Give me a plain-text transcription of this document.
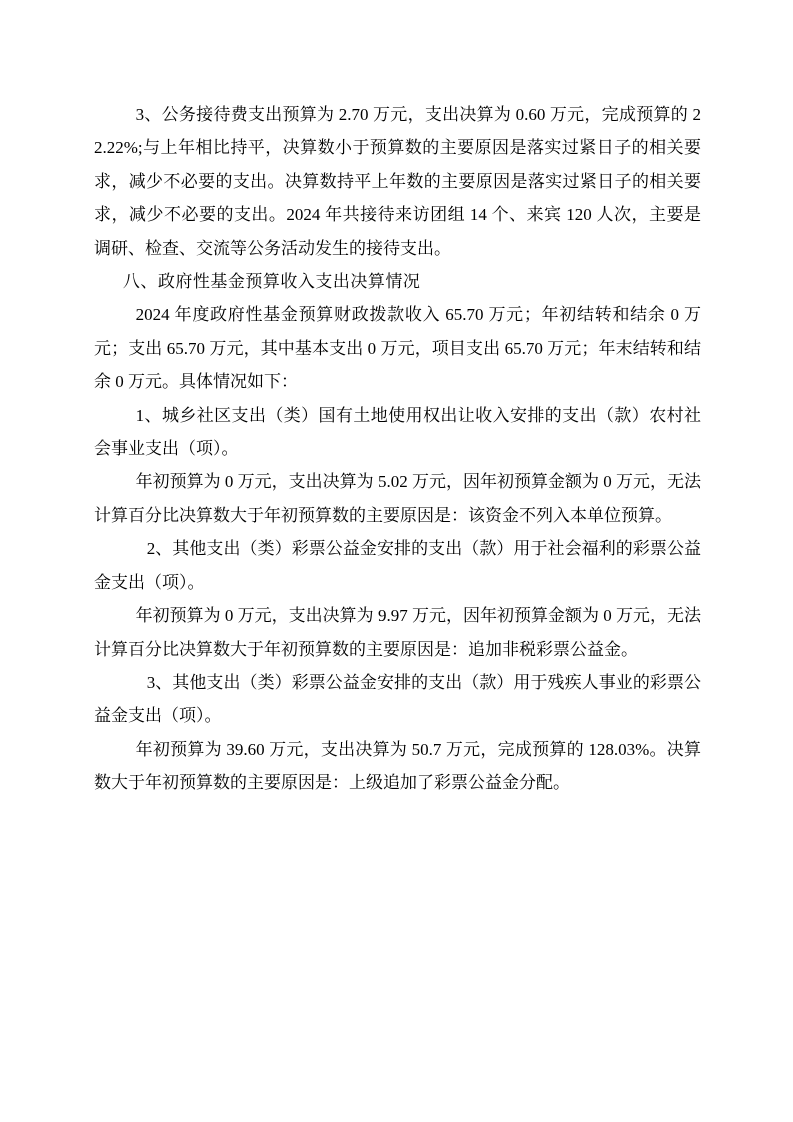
3、公务接待费支出预算为 2.70 万元，支出决算为 0.60 万元，完成预算的 22.22%;与上年相比持平，决算数小于预算数的主要原因是落实过紧日子的相关要求，减少不必要的支出。决算数持平上年数的主要原因是落实过紧日子的相关要求，减少不必要的支出。2024 年共接待来访团组 14 个、来宾 120 人次，主要是调研、检查、交流等公务活动发生的接待支出。

八、政府性基金预算收入支出决算情况

2024 年度政府性基金预算财政拨款收入 65.70 万元；年初结转和结余 0 万元；支出 65.70 万元，其中基本支出 0 万元，项目支出 65.70 万元；年末结转和结余 0 万元。具体情况如下：

1、城乡社区支出（类）国有土地使用权出让收入安排的支出（款）农村社会事业支出（项）。

年初预算为 0 万元，支出决算为 5.02 万元，因年初预算金额为 0 万元，无法计算百分比决算数大于年初预算数的主要原因是：该资金不列入本单位预算。

2、其他支出（类）彩票公益金安排的支出（款）用于社会福利的彩票公益金支出（项）。

年初预算为 0 万元，支出决算为 9.97 万元，因年初预算金额为 0 万元，无法计算百分比决算数大于年初预算数的主要原因是：追加非税彩票公益金。

3、其他支出（类）彩票公益金安排的支出（款）用于残疾人事业的彩票公益金支出（项）。

年初预算为 39.60 万元，支出决算为 50.7 万元，完成预算的 128.03%。决算数大于年初预算数的主要原因是：上级追加了彩票公益金分配。
